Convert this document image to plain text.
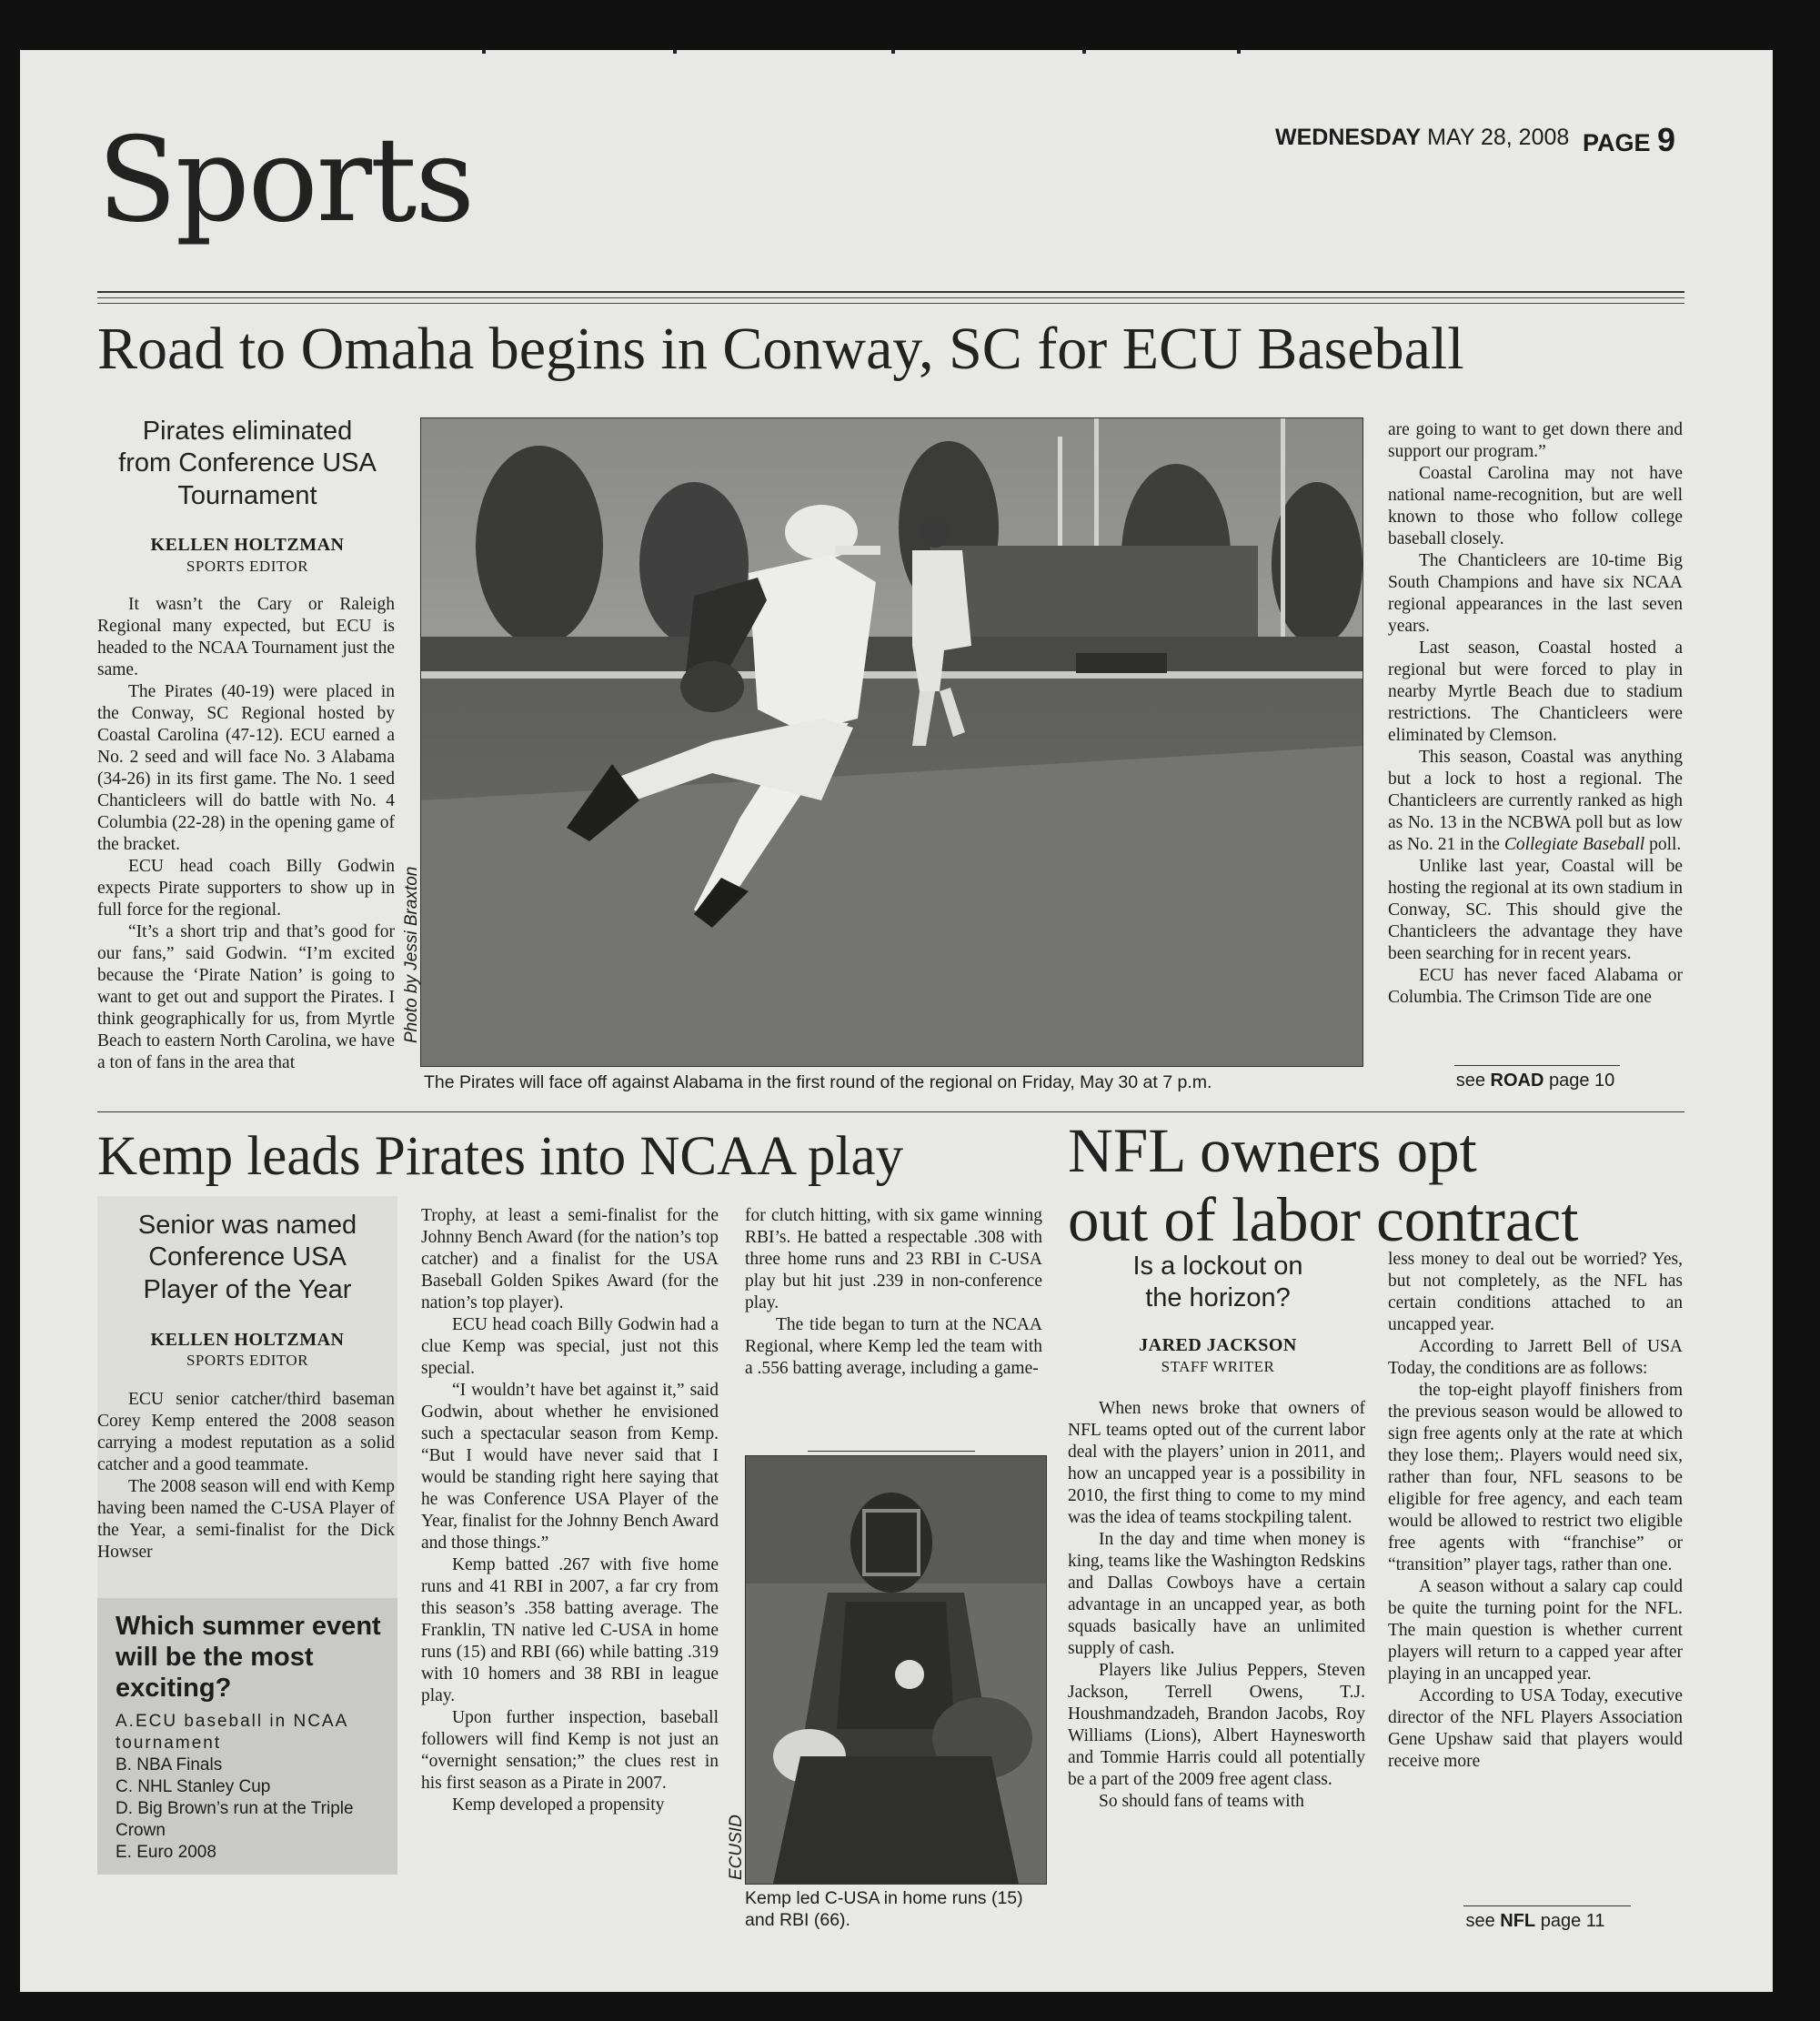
Sports	WEDNESDAY MAY 28, 2008 PAGE 9
Road to Omaha begins in Conway, SC for ECU Baseball
Pirates eliminated
from Conference USA
Tournament
KELLEN HOLTZMAN
SPORTS EDITOR

It wasn’t the Cary or Raleigh Regional many expected, but ECU is headed to the NCAA Tournament just the same.

The Pirates (40-19) were placed in the Conway, SC Regional hosted by Coastal Carolina (47-12). ECU earned a No. 2 seed and will face No. 3 Alabama (34-26) in its first game. The No. 1 seed Chanticleers will do battle with No. 4 Columbia (22-28) in the opening game of the bracket.

ECU head coach Billy Godwin expects Pirate supporters to show up in full force for the regional.

“It’s a short trip and that’s good for our fans,” said Godwin. “I’m excited because the ‘Pirate Nation’ is going to want to get out and support the Pirates. I think geographically for us, from Myrtle Beach to eastern North Carolina, we have a ton of fans in the area that

Photo by Jessi Braxton
The Pirates will face off against Alabama in the first round of the regional on Friday, May 30 at 7 p.m.

are going to want to get down there and support our program.”

Coastal Carolina may not have national name-recognition, but are well known to those who follow college baseball closely.

The Chanticleers are 10-time Big South Champions and have six NCAA regional appearances in the last seven years.

Last season, Coastal hosted a regional but were forced to play in nearby Myrtle Beach due to stadium restrictions. The Chanticleers were eliminated by Clemson.

This season, Coastal was anything but a lock to host a regional. The Chanticleers are currently ranked as high as No. 13 in the NCBWA poll but as low as No. 21 in the Collegiate Baseball poll.

Unlike last year, Coastal will be hosting the regional at its own stadium in Conway, SC. This should give the Chanticleers the advantage they have been searching for in recent years.

ECU has never faced Alabama or Columbia. The Crimson Tide are one

see ROAD page 10
Kemp leads Pirates into NCAA play
Senior was named
Conference USA
Player of the Year
KELLEN HOLTZMAN
SPORTS EDITOR

ECU senior catcher/third baseman Corey Kemp entered the 2008 season carrying a modest reputation as a solid catcher and a good teammate.

The 2008 season will end with Kemp having been named the C-USA Player of the Year, a semi-finalist for the Dick Howser

Which summer event will be the most exciting?
A.ECU baseball in NCAA tournament
B. NBA Finals
C. NHL Stanley Cup
D. Big Brown’s run at the Triple Crown
E. Euro 2008

Trophy, at least a semi-finalist for the Johnny Bench Award (for the nation’s top catcher) and a finalist for the USA Baseball Golden Spikes Award (for the nation’s top player).

ECU head coach Billy Godwin had a clue Kemp was special, just not this special.

“I wouldn’t have bet against it,” said Godwin, about whether he envisioned such a spectacular season from Kemp. “But I would have never said that I would be standing right here saying that he was Conference USA Player of the Year, finalist for the Johnny Bench Award and those things.”

Kemp batted .267 with five home runs and 41 RBI in 2007, a far cry from this season’s .358 batting average. The Franklin, TN native led C-USA in home runs (15) and RBI (66) while batting .319 with 10 homers and 38 RBI in league play.

Upon further inspection, baseball followers will find Kemp is not just an “overnight sensation;” the clues rest in his first season as a Pirate in 2007.

Kemp developed a propensity

for clutch hitting, with six game winning RBI’s. He batted a respectable .308 with three home runs and 23 RBI in C-USA play but hit just .239 in non-conference play.

The tide began to turn at the NCAA Regional, where Kemp led the team with a .556 batting average, including a game-

ECUSID
Kemp led C-USA in home runs (15)
and RBI (66).
NFL owners opt
out of labor contract
Is a lockout on
the horizon?
JARED JACKSON
STAFF WRITER

When news broke that owners of NFL teams opted out of the current labor deal with the players’ union in 2011, and how an uncapped year is a possibility in 2010, the first thing to come to my mind was the idea of teams stockpiling talent.

In the day and time when money is king, teams like the Washington Redskins and Dallas Cowboys have a certain advantage in an uncapped year, as both squads basically have an unlimited supply of cash.

Players like Julius Peppers, Steven Jackson, Terrell Owens, T.J. Houshmandzadeh, Brandon Jacobs, Roy Williams (Lions), Albert Haynesworth and Tommie Harris could all potentially be a part of the 2009 free agent class.

So should fans of teams with

less money to deal out be worried? Yes, but not completely, as the NFL has certain conditions attached to an uncapped year.

According to Jarrett Bell of USA Today, the conditions are as follows:

the top-eight playoff finishers from the previous season would be allowed to sign free agents only at the rate at which they lose them;. Players would need six, rather than four, NFL seasons to be eligible for free agency, and each team would be allowed to restrict two eligible free agents with “franchise” or “transition” player tags, rather than one.

A season without a salary cap could be quite the turning point for the NFL. The main question is whether current players will return to a capped year after playing in an uncapped year.

According to USA Today, executive director of the NFL Players Association Gene Upshaw said that players would receive more

see NFL page 11
